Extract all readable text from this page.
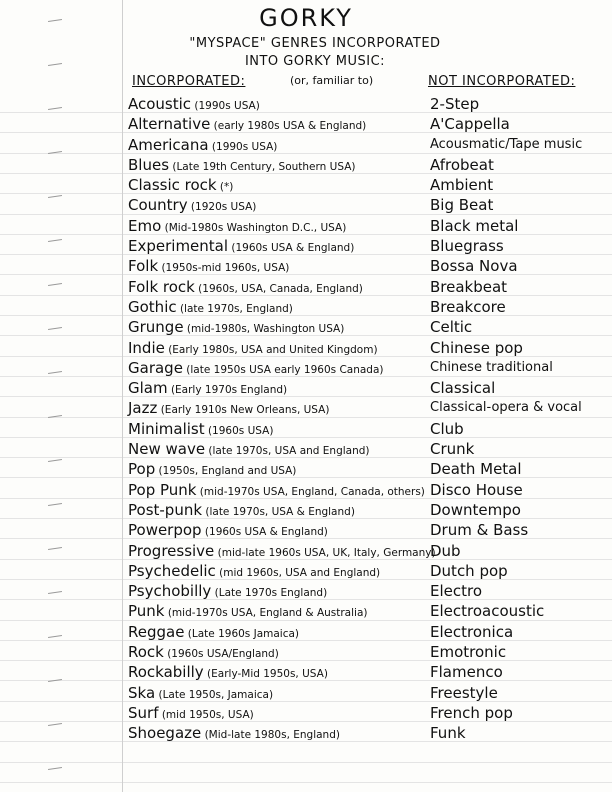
GORKY
"MYSPACE" GENRES INCORPORATED
INTO GORKY MUSIC:
INCORPORATED:	(or, familiar to)	NOT INCORPORATED:
Acoustic (1990s USA)
Alternative (early 1980s USA & England)
Americana (1990s USA)
Blues (Late 19th Century, Southern USA)
Classic rock (*)
Country (1920s USA)
Emo (Mid-1980s Washington D.C., USA)
Experimental (1960s USA & England)
Folk (1950s-mid 1960s, USA)
Folk rock (1960s, USA, Canada, England)
Gothic (late 1970s, England)
Grunge (mid-1980s, Washington USA)
Indie (Early 1980s, USA and United Kingdom)
Garage (late 1950s USA early 1960s Canada)
Glam (Early 1970s England)
Jazz (Early 1910s New Orleans, USA)
Minimalist (1960s USA)
New wave (late 1970s, USA and England)
Pop (1950s, England and USA)
Pop Punk (mid-1970s USA, England, Canada, others)
Post-punk (late 1970s, USA & England)
Powerpop (1960s USA & England)
Progressive (mid-late 1960s USA, UK, Italy, Germany)
Psychedelic (mid 1960s, USA and England)
Psychobilly (Late 1970s England)
Punk (mid-1970s USA, England & Australia)
Reggae (Late 1960s Jamaica)
Rock (1960s USA/England)
Rockabilly (Early-Mid 1950s, USA)
Ska (Late 1950s, Jamaica)
Surf (mid 1950s, USA)
Shoegaze (Mid-late 1980s, England)
2-Step
A'Cappella
Acousmatic/Tape music
Afrobeat
Ambient
Big Beat
Black metal
Bluegrass
Bossa Nova
Breakbeat
Breakcore
Celtic
Chinese pop
Chinese traditional
Classical
Classical-opera & vocal
Club
Crunk
Death Metal
Disco House
Downtempo
Drum & Bass
Dub
Dutch pop
Electro
Electroacoustic
Electronica
Emotronic
Flamenco
Freestyle
French pop
Funk
